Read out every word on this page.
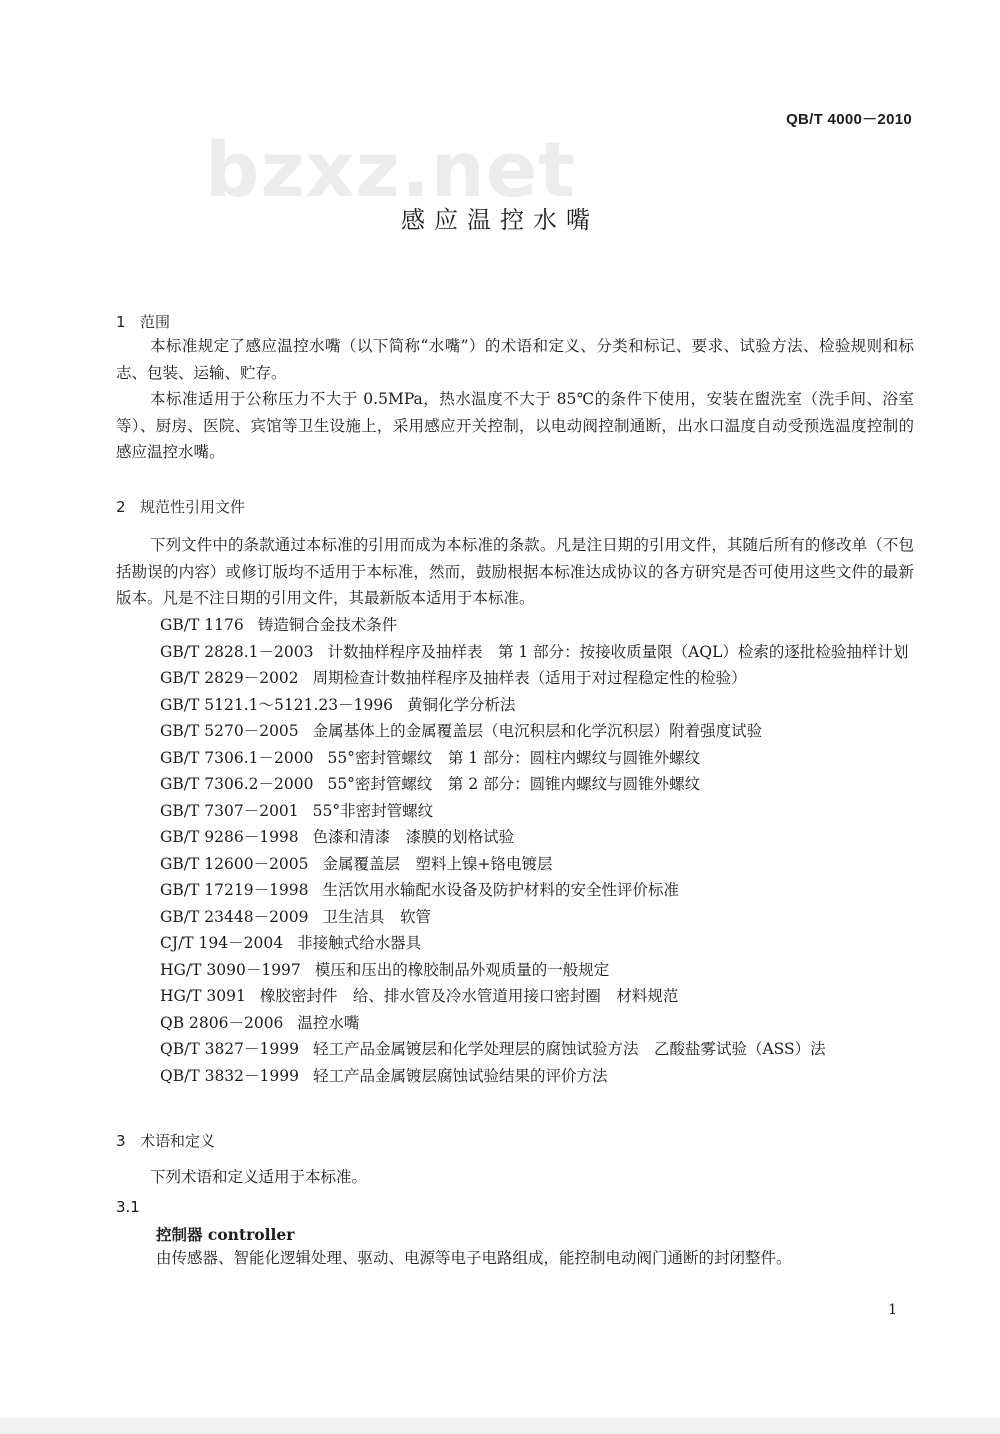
QB/T 4000－2010
bzxz.net
感应温控水嘴
1 范围

本标准规定了感应温控水嘴（以下简称“水嘴”）的术语和定义、分类和标记、要求、试验方法、检验规则和标志、包装、运输、贮存。

本标准适用于公称压力不大于 0.5MPa，热水温度不大于 85℃的条件下使用，安装在盥洗室（洗手间、浴室等）、厨房、医院、宾馆等卫生设施上，采用感应开关控制，以电动阀控制通断，出水口温度自动受预选温度控制的感应温控水嘴。

2 规范性引用文件

下列文件中的条款通过本标准的引用而成为本标准的条款。凡是注日期的引用文件，其随后所有的修改单（不包括勘误的内容）或修订版均不适用于本标准，然而，鼓励根据本标准达成协议的各方研究是否可使用这些文件的最新版本。凡是不注日期的引用文件，其最新版本适用于本标准。

GB/T 1176 铸造铜合金技术条件
GB/T 2828.1－2003 计数抽样程序及抽样表　第 1 部分：按接收质量限（AQL）检索的逐批检验抽样计划
GB/T 2829－2002 周期检查计数抽样程序及抽样表（适用于对过程稳定性的检验）
GB/T 5121.1～5121.23－1996 黄铜化学分析法
GB/T 5270－2005 金属基体上的金属覆盖层（电沉积层和化学沉积层）附着强度试验
GB/T 7306.1－2000 55°密封管螺纹　第 1 部分：圆柱内螺纹与圆锥外螺纹
GB/T 7306.2－2000 55°密封管螺纹　第 2 部分：圆锥内螺纹与圆锥外螺纹
GB/T 7307－2001 55°非密封管螺纹
GB/T 9286－1998 色漆和清漆　漆膜的划格试验
GB/T 12600－2005 金属覆盖层　塑料上镍+铬电镀层
GB/T 17219－1998 生活饮用水输配水设备及防护材料的安全性评价标准
GB/T 23448－2009 卫生洁具　软管
CJ/T 194－2004 非接触式给水器具
HG/T 3090－1997 模压和压出的橡胶制品外观质量的一般规定
HG/T 3091 橡胶密封件　给、排水管及冷水管道用接口密封圈　材料规范
QB 2806－2006 温控水嘴
QB/T 3827－1999 轻工产品金属镀层和化学处理层的腐蚀试验方法　乙酸盐雾试验（ASS）法
QB/T 3832－1999 轻工产品金属镀层腐蚀试验结果的评价方法
3 术语和定义

下列术语和定义适用于本标准。

3.1
控制器 controller

由传感器、智能化逻辑处理、驱动、电源等电子电路组成，能控制电动阀门通断的封闭整件。

1
